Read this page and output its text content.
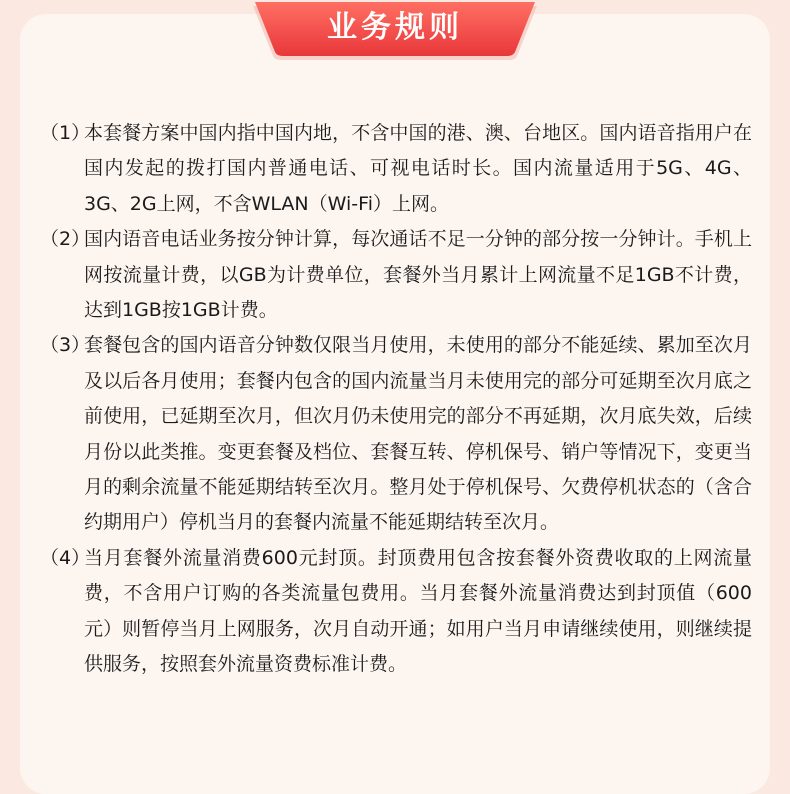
业务规则
（1）
本套餐方案中国内指中国内地，不含中国的港、澳、台地区。国内语音指用户在国内发起的拨打国内普通电话、可视电话时长。国内流量适用于5G、4G、3G、2G上网，不含WLAN（Wi-Fi）上网。
（2）
国内语音电话业务按分钟计算，每次通话不足一分钟的部分按一分钟计。手机上网按流量计费，以GB为计费单位，套餐外当月累计上网流量不足1GB不计费，达到1GB按1GB计费。
（3）
套餐包含的国内语音分钟数仅限当月使用，未使用的部分不能延续、累加至次月及以后各月使用；套餐内包含的国内流量当月未使用完的部分可延期至次月底之前使用，已延期至次月，但次月仍未使用完的部分不再延期，次月底失效，后续月份以此类推。变更套餐及档位、套餐互转、停机保号、销户等情况下，变更当月的剩余流量不能延期结转至次月。整月处于停机保号、欠费停机状态的（含合约期用户）停机当月的套餐内流量不能延期结转至次月。
（4）
当月套餐外流量消费600元封顶。封顶费用包含按套餐外资费收取的上网流量费，不含用户订购的各类流量包费用。当月套餐外流量消费达到封顶值（600元）则暂停当月上网服务，次月自动开通；如用户当月申请继续使用，则继续提供服务，按照套外流量资费标准计费。
